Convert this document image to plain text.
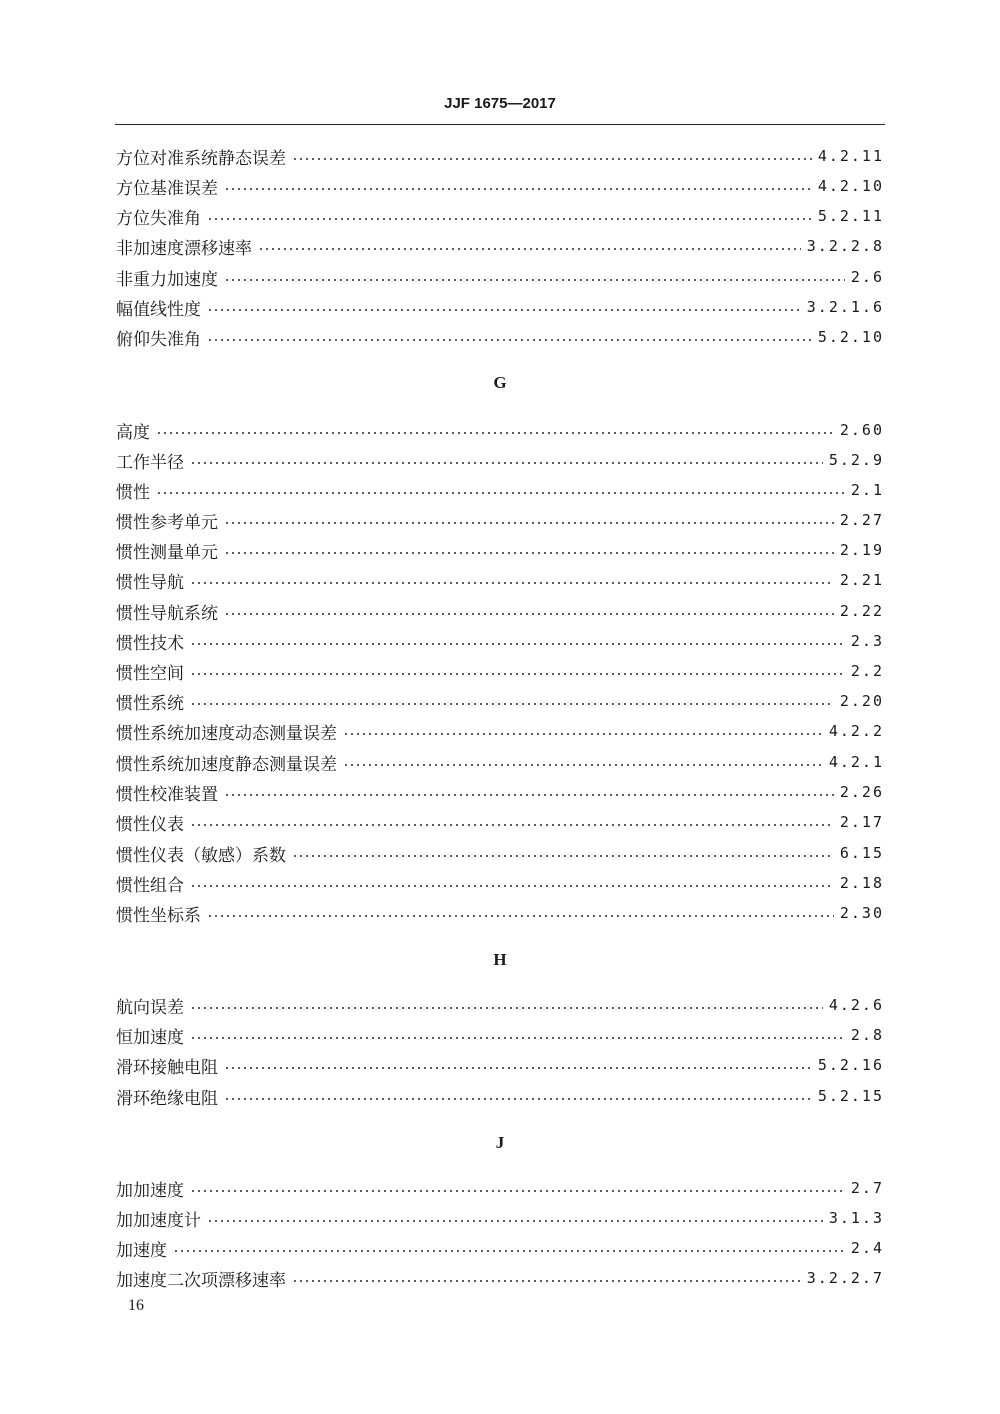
JJF 1675—2017
方位对准系统静态误差	4.2.11
方位基准误差	4.2.10
方位失准角	5.2.11
非加速度漂移速率	3.2.2.8
非重力加速度	2.6
幅值线性度	3.2.1.6
俯仰失准角	5.2.10
高度	2.60
工作半径	5.2.9
惯性	2.1
惯性参考单元	2.27
惯性测量单元	2.19
惯性导航	2.21
惯性导航系统	2.22
惯性技术	2.3
惯性空间	2.2
惯性系统	2.20
惯性系统加速度动态测量误差	4.2.2
惯性系统加速度静态测量误差	4.2.1
惯性校准装置	2.26
惯性仪表	2.17
惯性仪表（敏感）系数	6.15
惯性组合	2.18
惯性坐标系	2.30
航向误差	4.2.6
恒加速度	2.8
滑环接触电阻	5.2.16
滑环绝缘电阻	5.2.15
加加速度	2.7
加加速度计	3.1.3
加速度	2.4
加速度二次项漂移速率	3.2.2.7
G
H
J
16
